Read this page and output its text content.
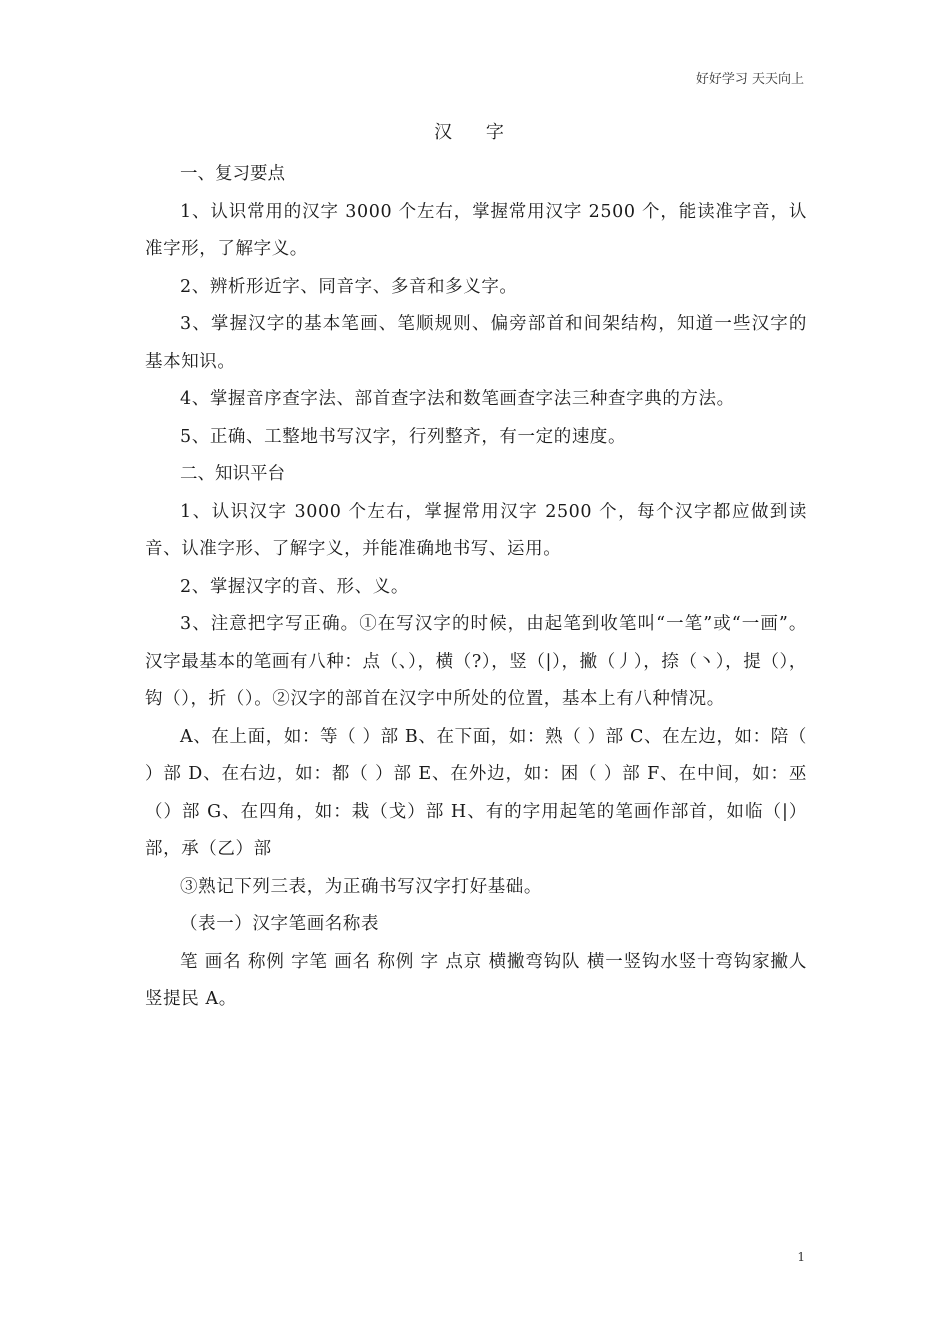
好好学习 天天向上
汉 字

一、复习要点

1、认识常用的汉字 3000 个左右，掌握常用汉字 2500 个，能读准字音，认准字形，了解字义。

2、辨析形近字、同音字、多音和多义字。

3、掌握汉字的基本笔画、笔顺规则、偏旁部首和间架结构，知道一些汉字的基本知识。

4、掌握音序查字法、部首查字法和数笔画查字法三种查字典的方法。

5、正确、工整地书写汉字，行列整齐，有一定的速度。

二、知识平台

1、认识汉字 3000 个左右，掌握常用汉字 2500 个，每个汉字都应做到读音、认准字形、了解字义，并能准确地书写、运用。

2、掌握汉字的音、形、义。

3、注意把字写正确。①在写汉字的时候，由起笔到收笔叫“一笔”或“一画”。汉字最基本的笔画有八种：点（、），横（?），竖（|），撇（丿），捺（丶），提（），钩（），折（）。②汉字的部首在汉字中所处的位置，基本上有八种情况。

A、在上面，如：等（ ）部 B、在下面，如：熟（ ）部 C、在左边，如：陪（ ）部 D、在右边，如：都（ ）部 E、在外边，如：困（ ）部 F、在中间，如：巫（）部 G、在四角，如：栽（戈）部 H、有的字用起笔的笔画作部首，如临（|）部，承（乙）部

③熟记下列三表，为正确书写汉字打好基础。

（表一）汉字笔画名称表

笔 画名 称例 字笔 画名 称例 字 点京 横撇弯钩队 横一竖钩水竖十弯钩家撇人竖提民 A。

1
